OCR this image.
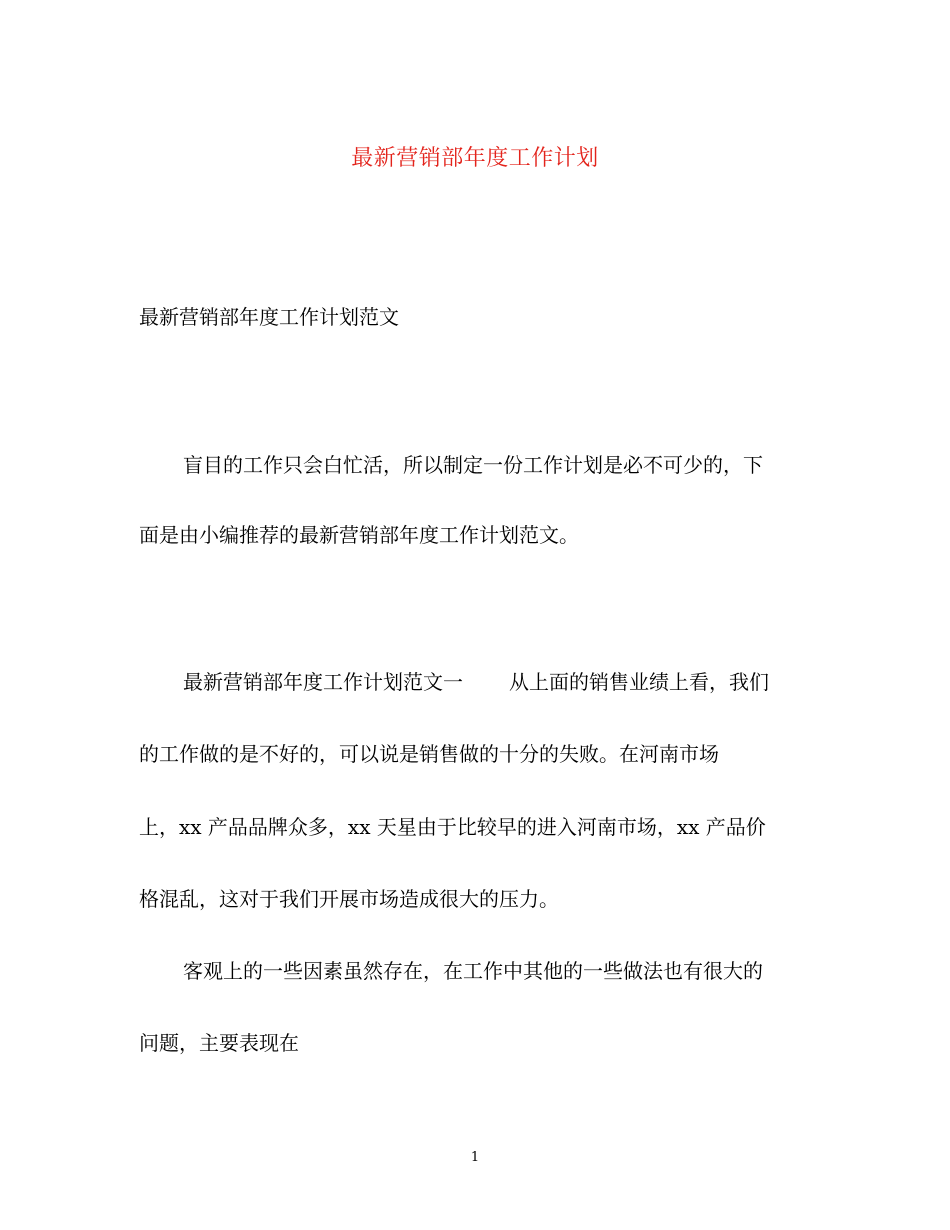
最新营销部年度工作计划
最新营销部年度工作计划范文
盲目的工作只会白忙活，所以制定一份工作计划是必不可少的，下
面是由小编推荐的最新营销部年度工作计划范文。
最新营销部年度工作计划范文一 从上面的销售业绩上看，我们
的工作做的是不好的，可以说是销售做的十分的失败。在河南市场
上，xx 产品品牌众多，xx 天星由于比较早的进入河南市场，xx 产品价
格混乱，这对于我们开展市场造成很大的压力。
客观上的一些因素虽然存在，在工作中其他的一些做法也有很大的
问题，主要表现在
1
